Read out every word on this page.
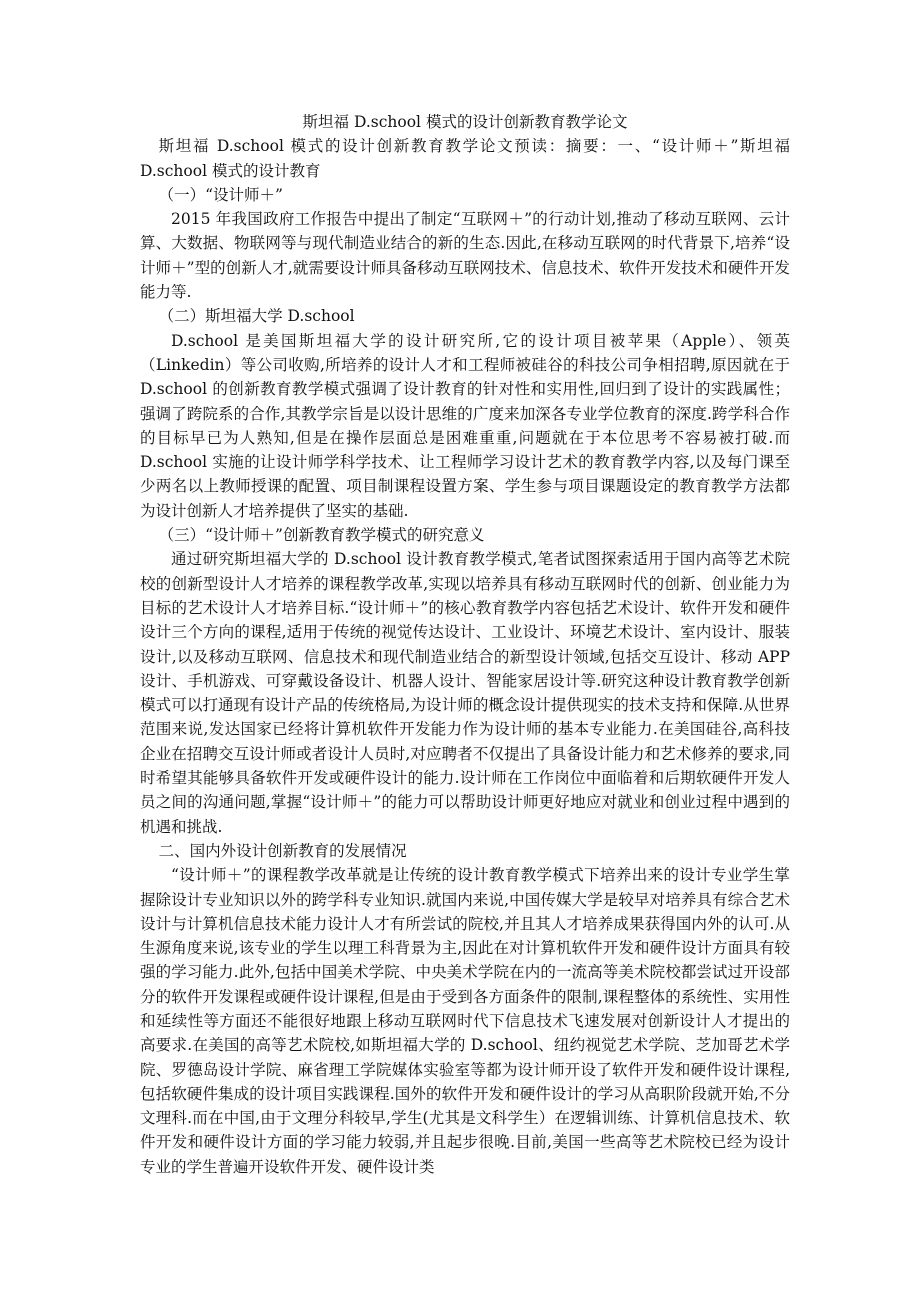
斯坦福 D.school 模式的设计创新教育教学论文

斯坦福 D.school 模式的设计创新教育教学论文预读：摘要：一、“设计师＋”斯坦福 D.school 模式的设计教育

（一）“设计师＋”

2015 年我国政府工作报告中提出了制定“互联网＋”的行动计划,推动了移动互联网、云计算、大数据、物联网等与现代制造业结合的新的生态.因此,在移动互联网的时代背景下,培养“设计师＋”型的创新人才,就需要设计师具备移动互联网技术、信息技术、软件开发技术和硬件开发能力等.

（二）斯坦福大学 D.school

D.school 是美国斯坦福大学的设计研究所,它的设计项目被苹果（Apple）、领英（Linkedin）等公司收购,所培养的设计人才和工程师被硅谷的科技公司争相招聘,原因就在于 D.school 的创新教育教学模式强调了设计教育的针对性和实用性,回归到了设计的实践属性；强调了跨院系的合作,其教学宗旨是以设计思维的广度来加深各专业学位教育的深度.跨学科合作的目标早已为人熟知,但是在操作层面总是困难重重,问题就在于本位思考不容易被打破.而 D.school 实施的让设计师学科学技术、让工程师学习设计艺术的教育教学内容,以及每门课至少两名以上教师授课的配置、项目制课程设置方案、学生参与项目课题设定的教育教学方法都为设计创新人才培养提供了坚实的基础.

（三）“设计师＋”创新教育教学模式的研究意义

通过研究斯坦福大学的 D.school 设计教育教学模式,笔者试图探索适用于国内高等艺术院校的创新型设计人才培养的课程教学改革,实现以培养具有移动互联网时代的创新、创业能力为目标的艺术设计人才培养目标.“设计师＋”的核心教育教学内容包括艺术设计、软件开发和硬件设计三个方向的课程,适用于传统的视觉传达设计、工业设计、环境艺术设计、室内设计、服装设计,以及移动互联网、信息技术和现代制造业结合的新型设计领域,包括交互设计、移动 APP 设计、手机游戏、可穿戴设备设计、机器人设计、智能家居设计等.研究这种设计教育教学创新模式可以打通现有设计产品的传统格局,为设计师的概念设计提供现实的技术支持和保障.从世界范围来说,发达国家已经将计算机软件开发能力作为设计师的基本专业能力.在美国硅谷,高科技企业在招聘交互设计师或者设计人员时,对应聘者不仅提出了具备设计能力和艺术修养的要求,同时希望其能够具备软件开发或硬件设计的能力.设计师在工作岗位中面临着和后期软硬件开发人员之间的沟通问题,掌握“设计师＋”的能力可以帮助设计师更好地应对就业和创业过程中遇到的机遇和挑战.

二、国内外设计创新教育的发展情况

“设计师＋”的课程教学改革就是让传统的设计教育教学模式下培养出来的设计专业学生掌握除设计专业知识以外的跨学科专业知识.就国内来说,中国传媒大学是较早对培养具有综合艺术设计与计算机信息技术能力设计人才有所尝试的院校,并且其人才培养成果获得国内外的认可.从生源角度来说,该专业的学生以理工科背景为主,因此在对计算机软件开发和硬件设计方面具有较强的学习能力.此外,包括中国美术学院、中央美术学院在内的一流高等美术院校都尝试过开设部分的软件开发课程或硬件设计课程,但是由于受到各方面条件的限制,课程整体的系统性、实用性和延续性等方面还不能很好地跟上移动互联网时代下信息技术飞速发展对创新设计人才提出的高要求.在美国的高等艺术院校,如斯坦福大学的 D.school、纽约视觉艺术学院、芝加哥艺术学院、罗德岛设计学院、麻省理工学院媒体实验室等都为设计师开设了软件开发和硬件设计课程,包括软硬件集成的设计项目实践课程.国外的软件开发和硬件设计的学习从高职阶段就开始,不分文理科.而在中国,由于文理分科较早,学生(尤其是文科学生）在逻辑训练、计算机信息技术、软件开发和硬件设计方面的学习能力较弱,并且起步很晚.目前,美国一些高等艺术院校已经为设计专业的学生普遍开设软件开发、硬件设计类
